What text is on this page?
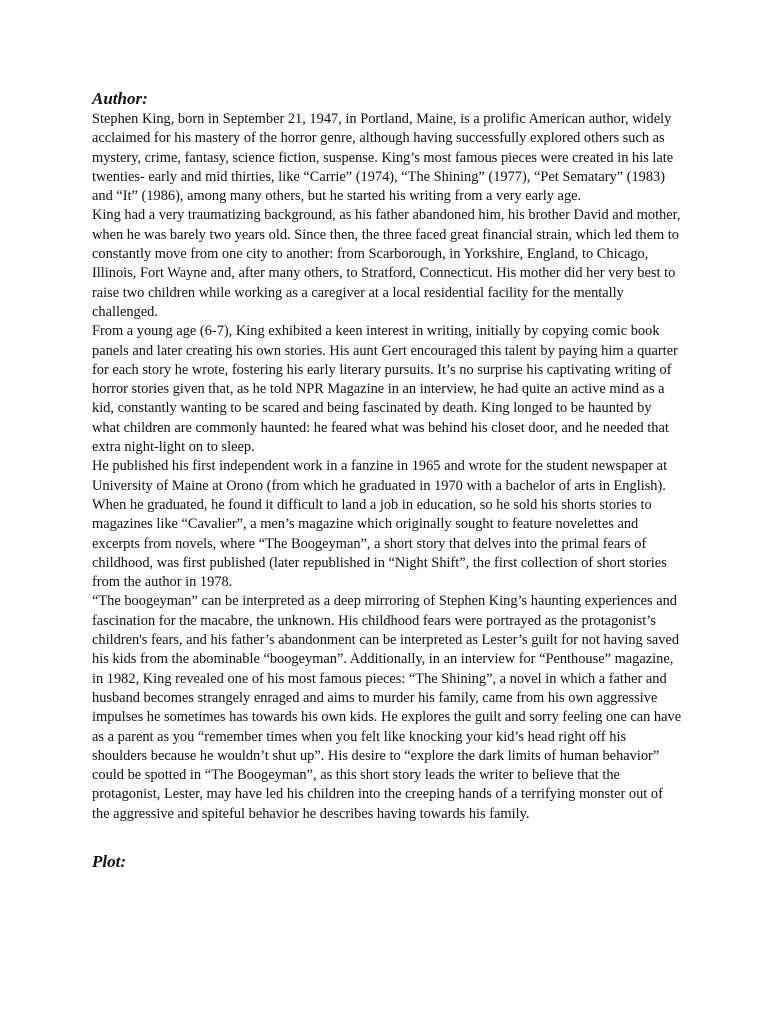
Author:

Stephen King, born in September 21, 1947, in Portland, Maine, is a prolific American author, widely acclaimed for his mastery of the horror genre, although having successfully explored others such as mystery, crime, fantasy, science fiction, suspense. King’s most famous pieces were created in his late twenties- early and mid thirties, like “Carrie” (1974), “The Shining” (1977), “Pet Sematary” (1983) and “It” (1986), among many others, but he started his writing from a very early age.

King had a very traumatizing background, as his father abandoned him, his brother David and mother, when he was barely two years old. Since then, the three faced great financial strain, which led them to constantly move from one city to another: from Scarborough, in Yorkshire, England, to Chicago, Illinois, Fort Wayne and, after many others, to Stratford, Connecticut. His mother did her very best to raise two children while working as a caregiver at a local residential facility for the mentally challenged.

From a young age (6-7), King exhibited a keen interest in writing, initially by copying comic book panels and later creating his own stories. His aunt Gert encouraged this talent by paying him a quarter for each story he wrote, fostering his early literary pursuits. It’s no surprise his captivating writing of horror stories given that, as he told NPR Magazine in an interview, he had quite an active mind as a kid, constantly wanting to be scared and being fascinated by death. King longed to be haunted by what children are commonly haunted: he feared what was behind his closet door, and he needed that extra night-light on to sleep.

He published his first independent work in a fanzine in 1965 and wrote for the student newspaper at University of Maine at Orono (from which he graduated in 1970 with a bachelor of arts in English). When he graduated, he found it difficult to land a job in education, so he sold his shorts stories to magazines like “Cavalier”, a men’s magazine which originally sought to feature novelettes and excerpts from novels, where “The Boogeyman”, a short story that delves into the primal fears of childhood, was first published (later republished in “Night Shift”, the first collection of short stories from the author in 1978.

“The boogeyman” can be interpreted as a deep mirroring of Stephen King’s haunting experiences and fascination for the macabre, the unknown. His childhood fears were portrayed as the protagonist’s children's fears, and his father’s abandonment can be interpreted as Lester’s guilt for not having saved his kids from the abominable “boogeyman”. Additionally, in an interview for “Penthouse” magazine, in 1982, King revealed one of his most famous pieces: “The Shining”, a novel in which a father and husband becomes strangely enraged and aims to murder his family, came from his own aggressive impulses he sometimes has towards his own kids. He explores the guilt and sorry feeling one can have as a parent as you “remember times when you felt like knocking your kid’s head right off his shoulders because he wouldn’t shut up”. His desire to “explore the dark limits of human behavior” could be spotted in “The Boogeyman”, as this short story leads the writer to believe that the protagonist, Lester, may have led his children into the creeping hands of a terrifying monster out of the aggressive and spiteful behavior he describes having towards his family.

Plot:
